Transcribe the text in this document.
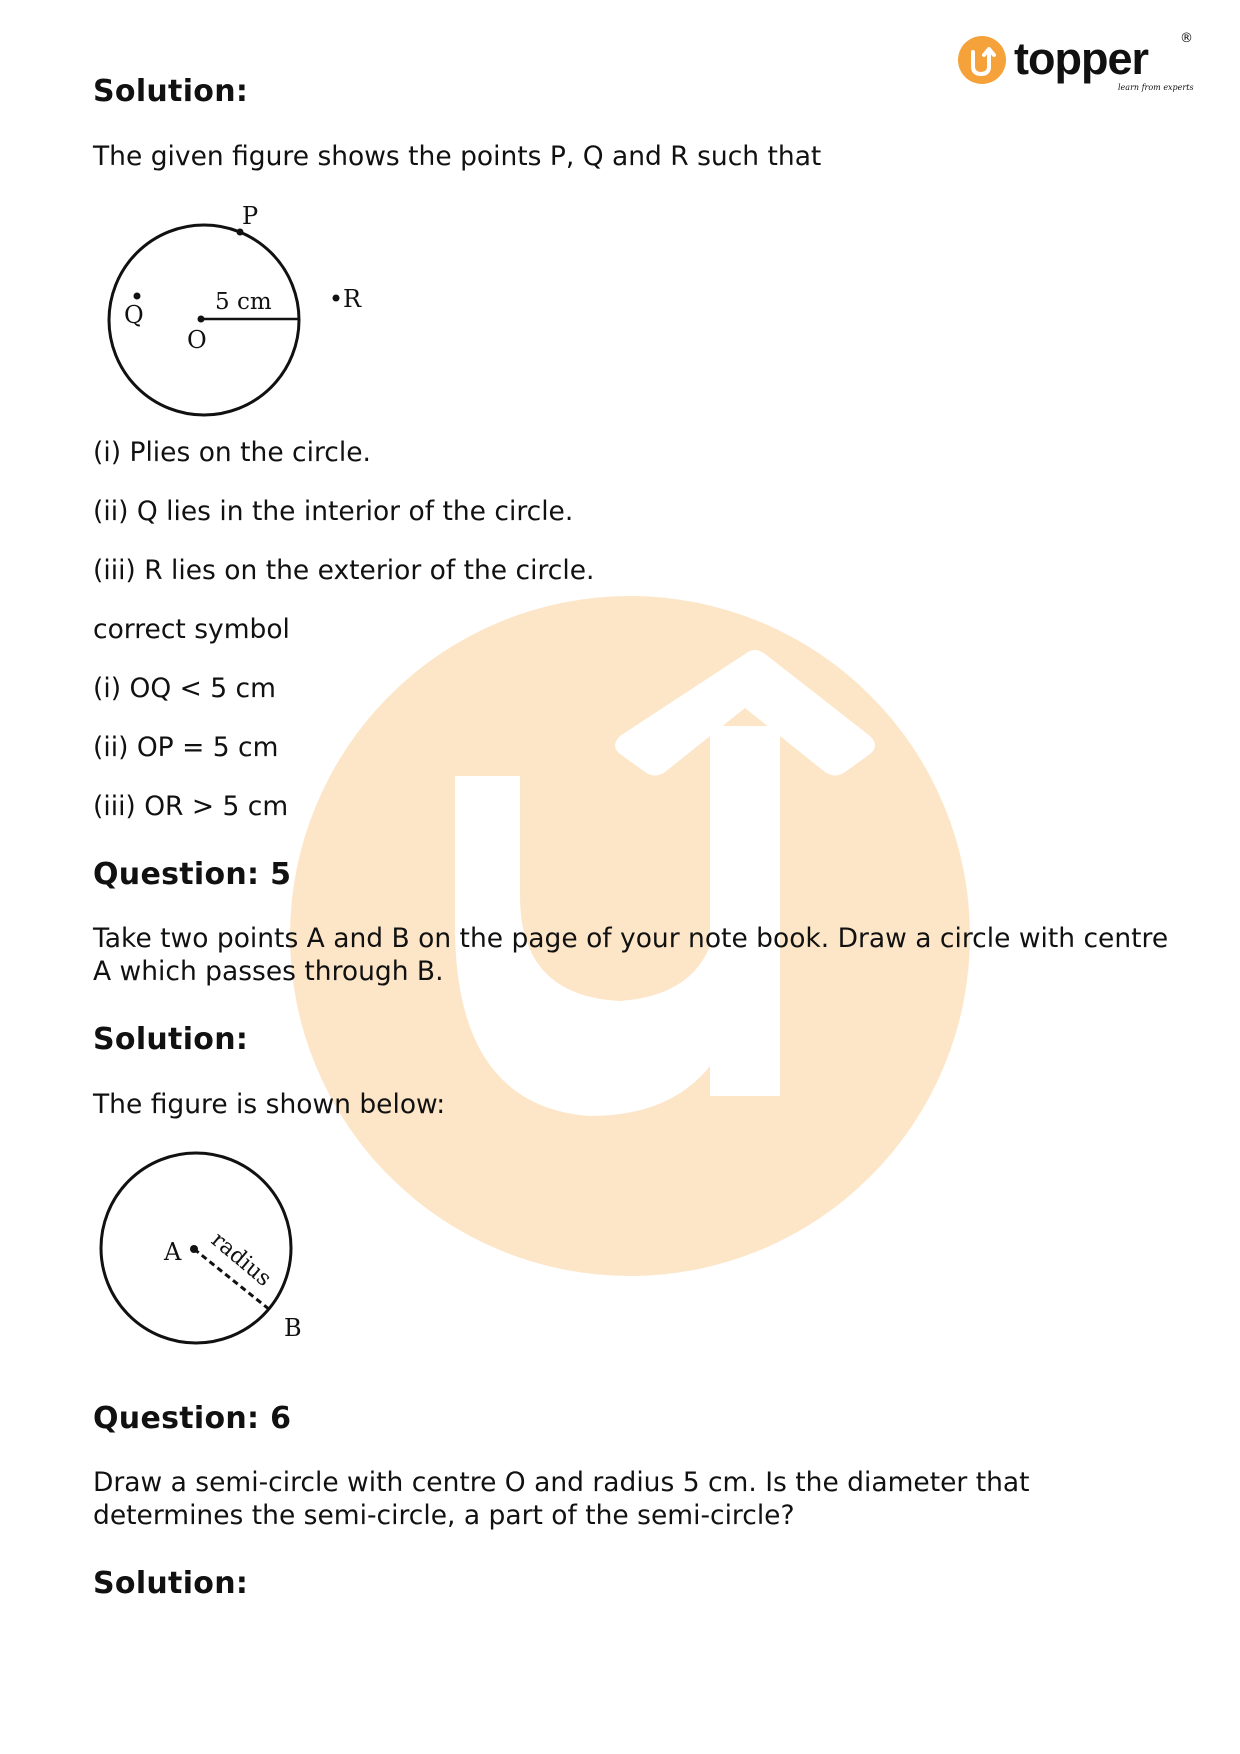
topper ®
learn from experts
Solution:
The given figure shows the points P, Q and R such that
P
Q
O
R
5 cm
(i) Plies on the circle.
(ii) Q lies in the interior of the circle.
(iii) R lies on the exterior of the circle.
correct symbol
(i) OQ < 5 cm
(ii) OP = 5 cm
(iii) OR > 5 cm
Question: 5
Take two points A and B on the page of your note book. Draw a circle with centre A which passes through B.
Solution:
The figure is shown below:
A
B
radius
Question: 6
Draw a semi-circle with centre O and radius 5 cm. Is the diameter that determines the semi-circle, a part of the semi-circle?
Solution:
